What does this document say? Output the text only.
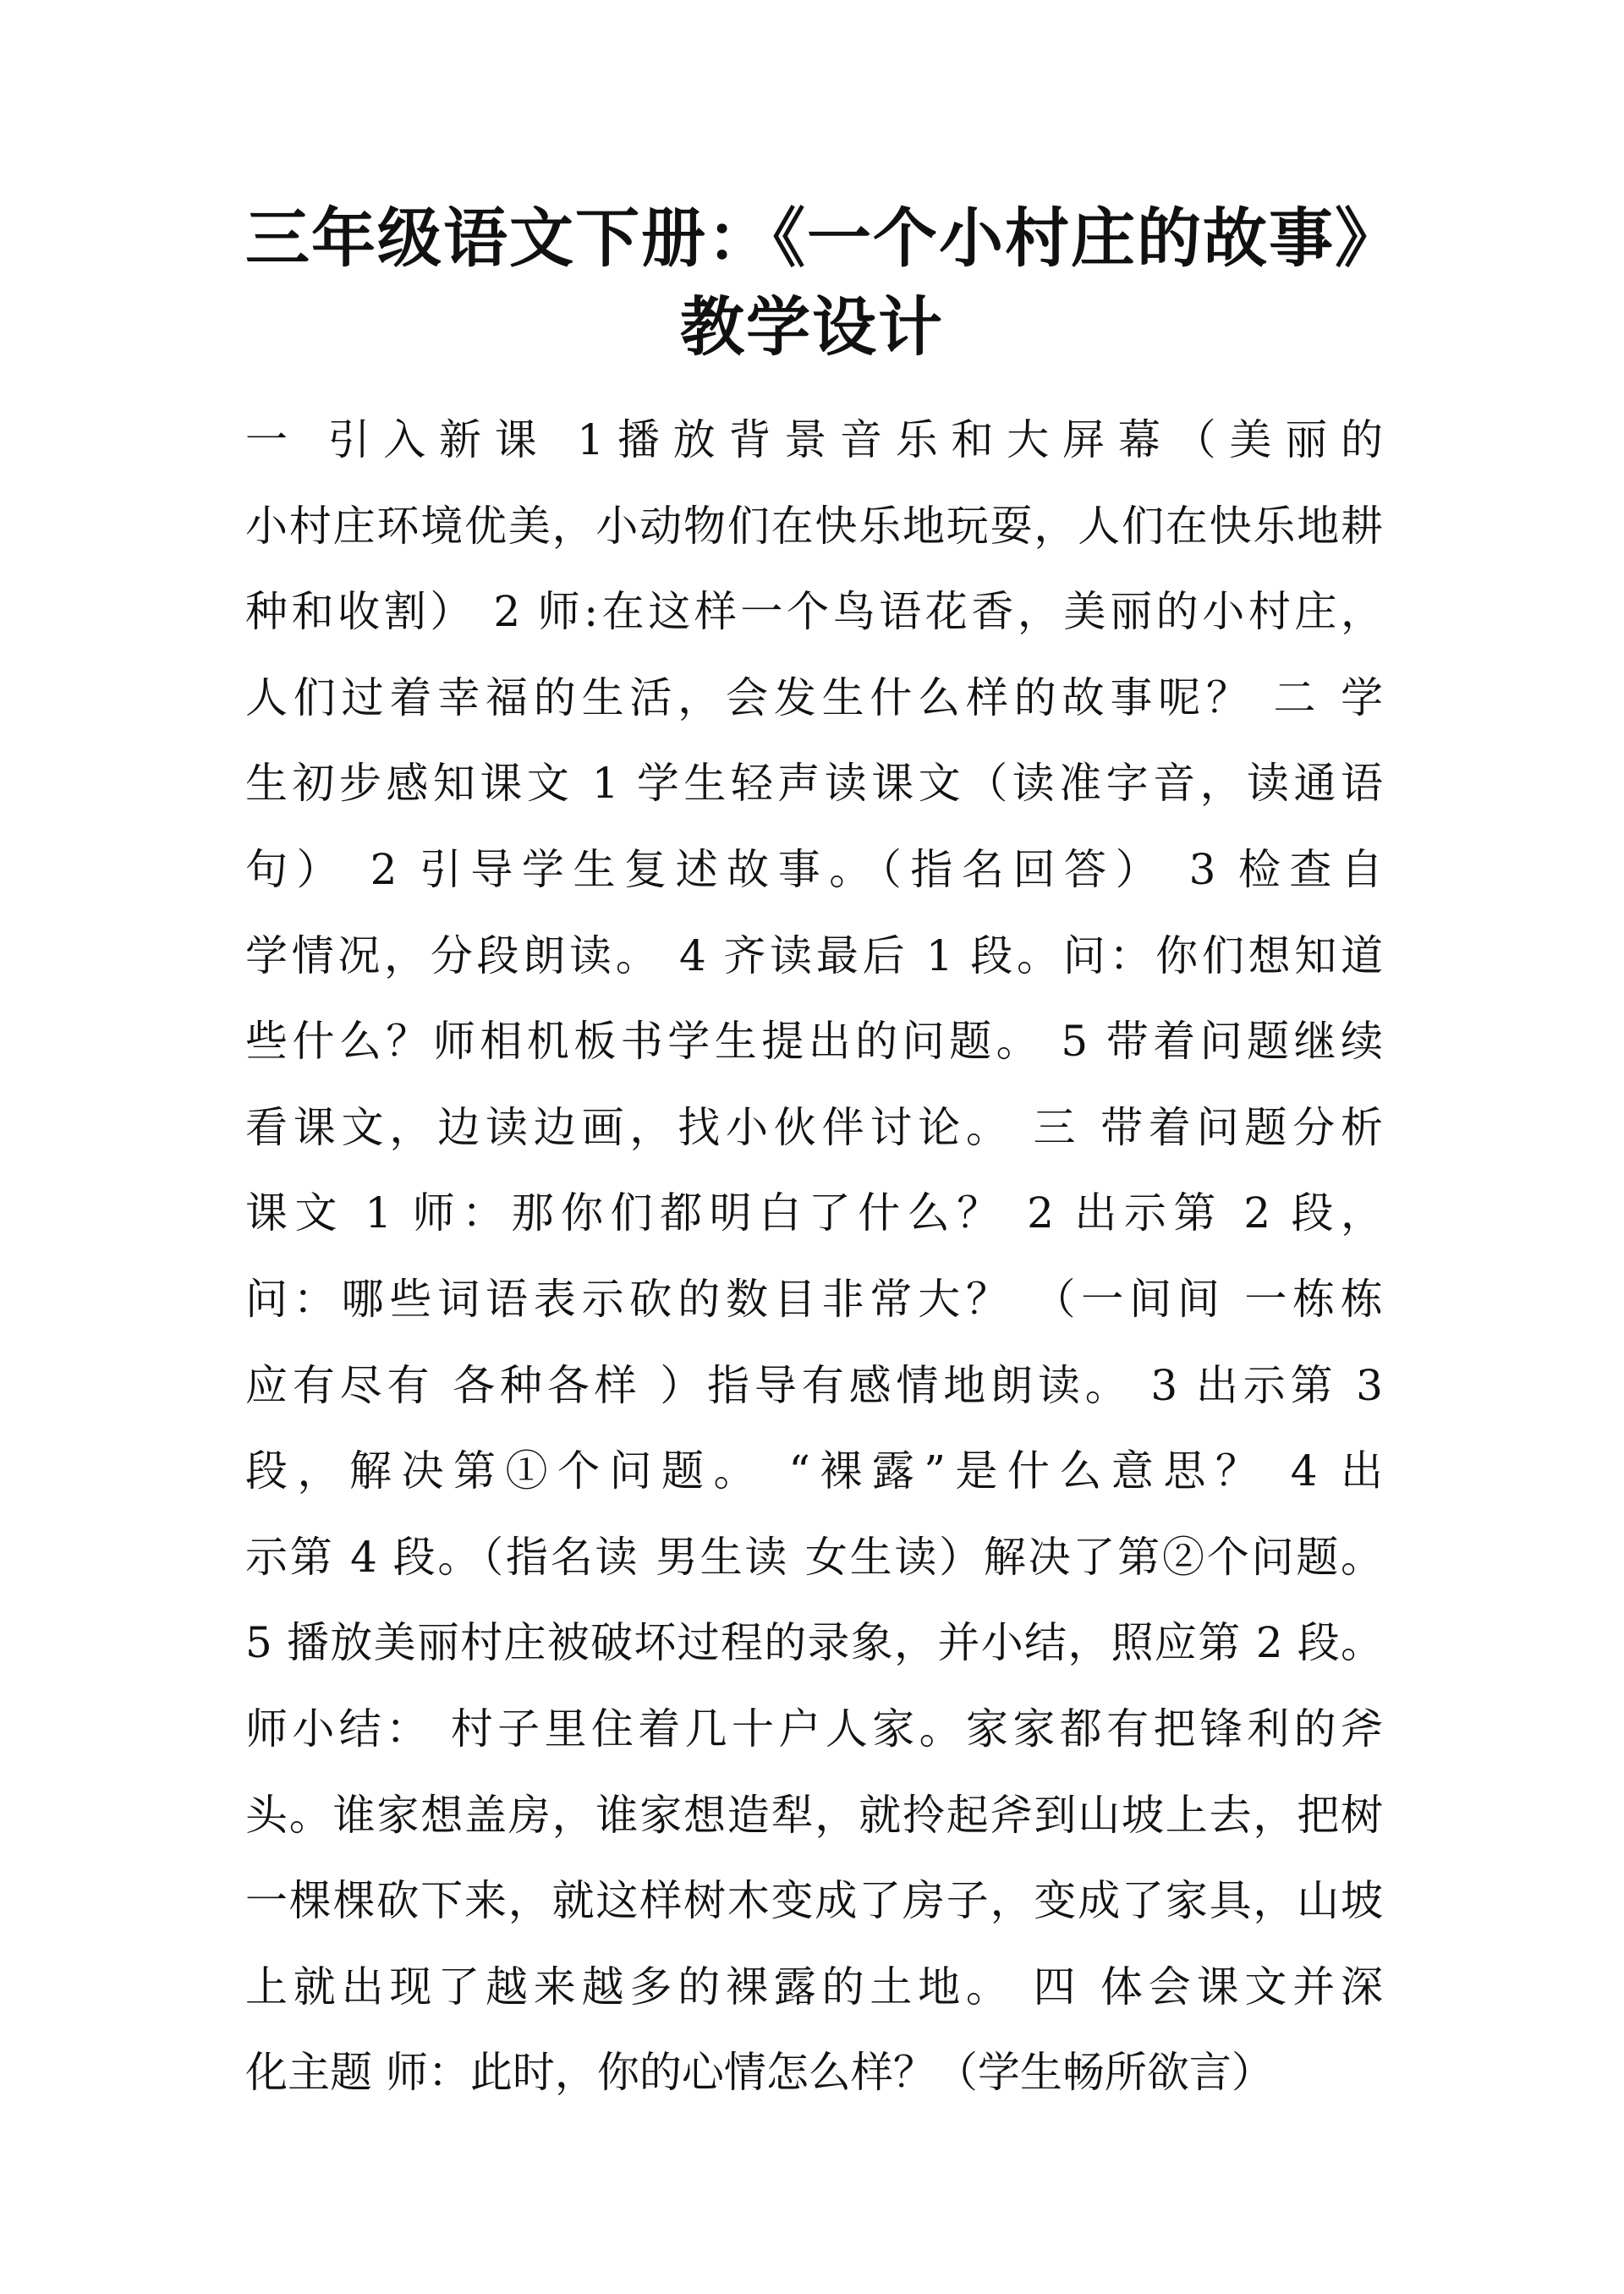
三年级语文下册：《一个小村庄的故事》
教学设计
一 引入新课 1播放背景音乐和大屏幕（美丽的
小村庄环境优美，小动物们在快乐地玩耍，人们在快乐地耕
种和收割） 2 师:在这样一个鸟语花香，美丽的小村庄，
人们过着幸福的生活，会发生什么样的故事呢？ 二 学
生初步感知课文 1 学生轻声读课文（读准字音，读通语
句） 2 引导学生复述故事。（指名回答） 3 检查自
学情况，分段朗读。 4 齐读最后 1 段。问：你们想知道
些什么？师相机板书学生提出的问题。 5 带着问题继续
看课文，边读边画，找小伙伴讨论。 三 带着问题分析
课文 1 师：那你们都明白了什么？ 2 出示第 2 段，
问：哪些词语表示砍的数目非常大？ （一间间 一栋栋
应有尽有 各种各样 ）指导有感情地朗读。 3 出示第 3
段，解决第①个问题。 “裸露”是什么意思？ 4 出
示第 4 段。（指名读 男生读 女生读）解决了第②个问题。
5 播放美丽村庄被破坏过程的录象，并小结，照应第 2 段。
师小结： 村子里住着几十户人家。家家都有把锋利的斧
头。谁家想盖房，谁家想造犁，就拎起斧到山坡上去，把树
一棵棵砍下来，就这样树木变成了房子，变成了家具，山坡
上就出现了越来越多的裸露的土地。 四 体会课文并深
化主题 师：此时，你的心情怎么样？（学生畅所欲言）
